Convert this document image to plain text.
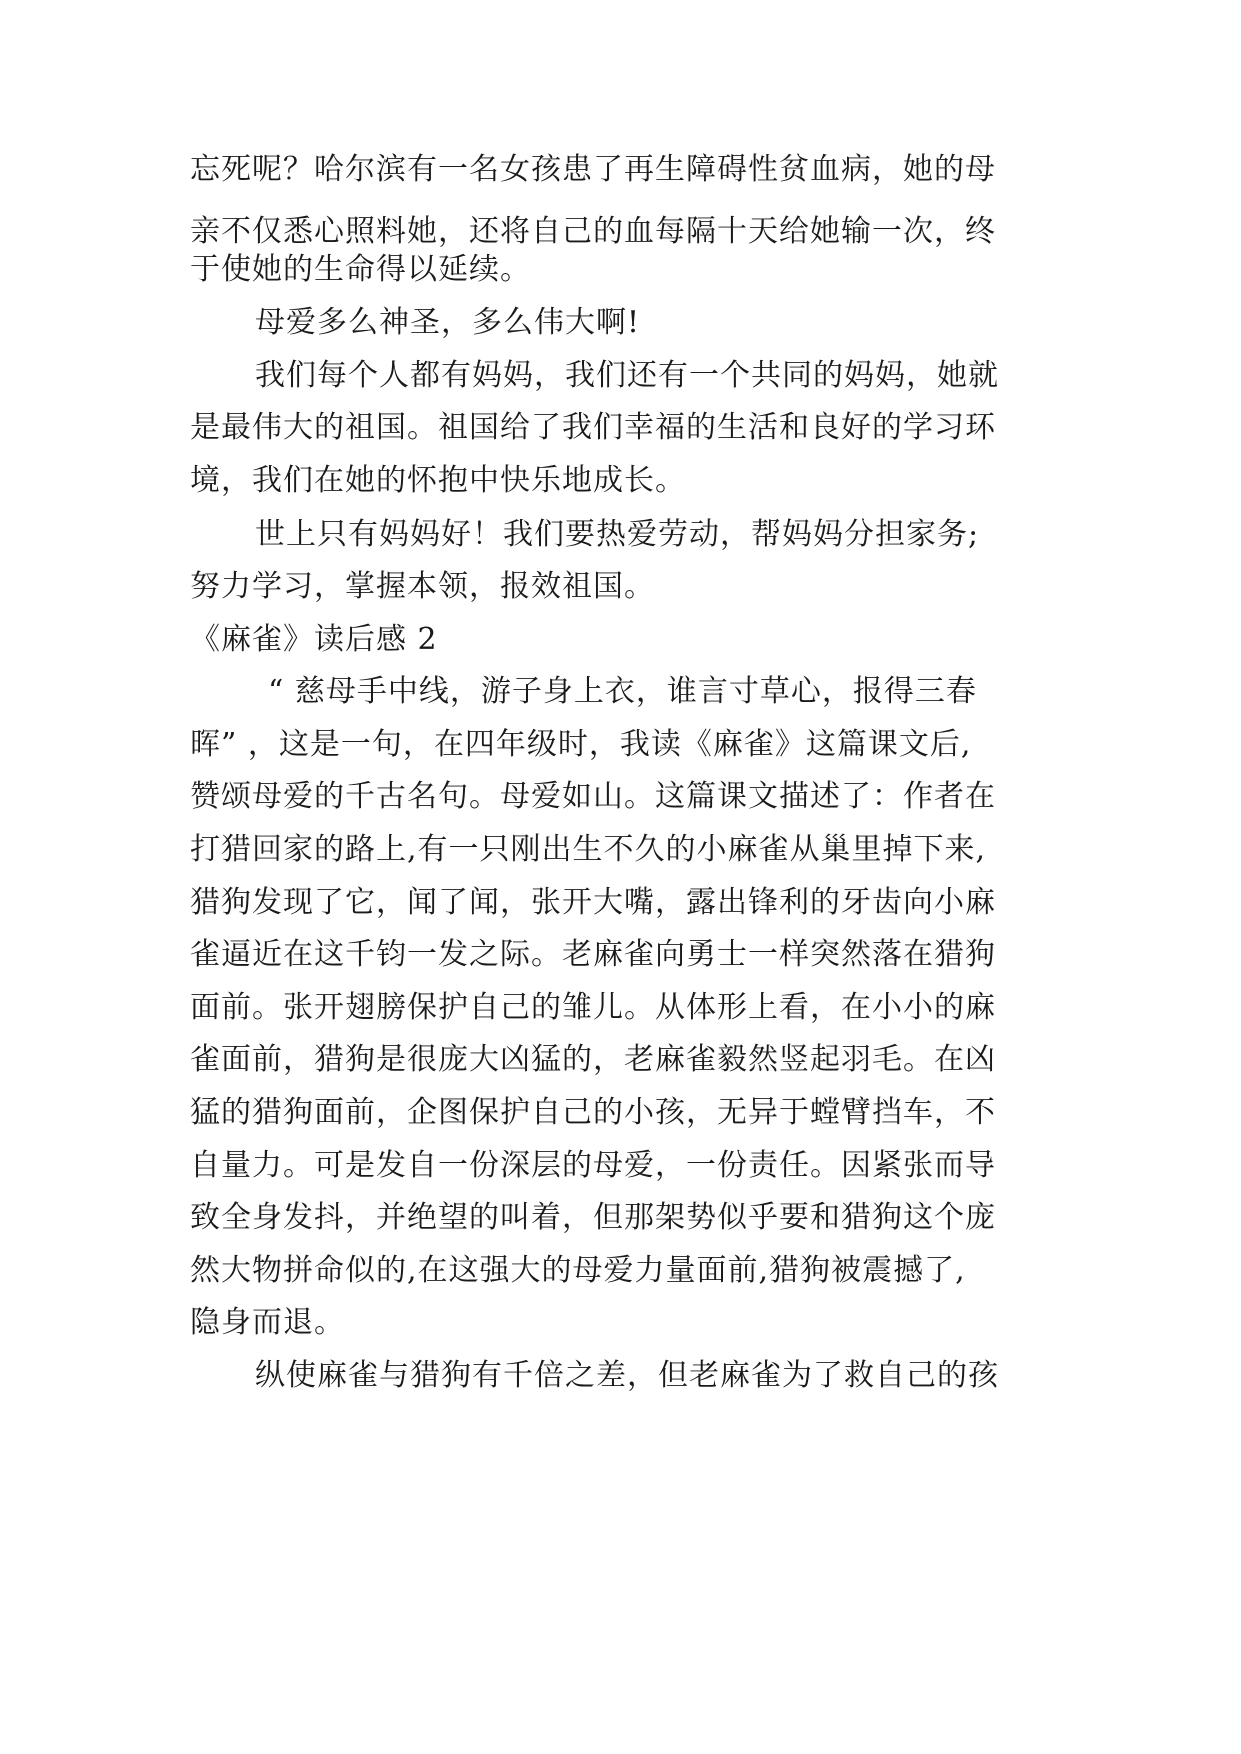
忘死呢？哈尔滨有一名女孩患了再生障碍性贫血病，她的母
亲不仅悉心照料她，还将自己的血每隔十天给她输一次，终
于使她的生命得以延续。
母爱多么神圣，多么伟大啊!
我们每个人都有妈妈，我们还有一个共同的妈妈，她就
是最伟大的祖国。祖国给了我们幸福的生活和良好的学习环
境，我们在她的怀抱中快乐地成长。
世上只有妈妈好！我们要热爱劳动，帮妈妈分担家务;
努力学习，掌握本领，报效祖国。
《麻雀》读后感 2
“ 慈母手中线，游子身上衣，谁言寸草心，报得三春
晖” ，这是一句，在四年级时，我读《麻雀》这篇课文后,
赞颂母爱的千古名句。母爱如山。这篇课文描述了：作者在
打猎回家的路上,有一只刚出生不久的小麻雀从巢里掉下来,
猎狗发现了它，闻了闻，张开大嘴，露出锋利的牙齿向小麻
雀逼近在这千钧一发之际。老麻雀向勇士一样突然落在猎狗
面前。张开翅膀保护自己的雏儿。从体形上看，在小小的麻
雀面前，猎狗是很庞大凶猛的，老麻雀毅然竖起羽毛。在凶
猛的猎狗面前，企图保护自己的小孩，无异于螳臂挡车，不
自量力。可是发自一份深层的母爱，一份责任。因紧张而导
致全身发抖，并绝望的叫着，但那架势似乎要和猎狗这个庞
然大物拼命似的,在这强大的母爱力量面前,猎狗被震撼了,
隐身而退。
纵使麻雀与猎狗有千倍之差，但老麻雀为了救自己的孩
